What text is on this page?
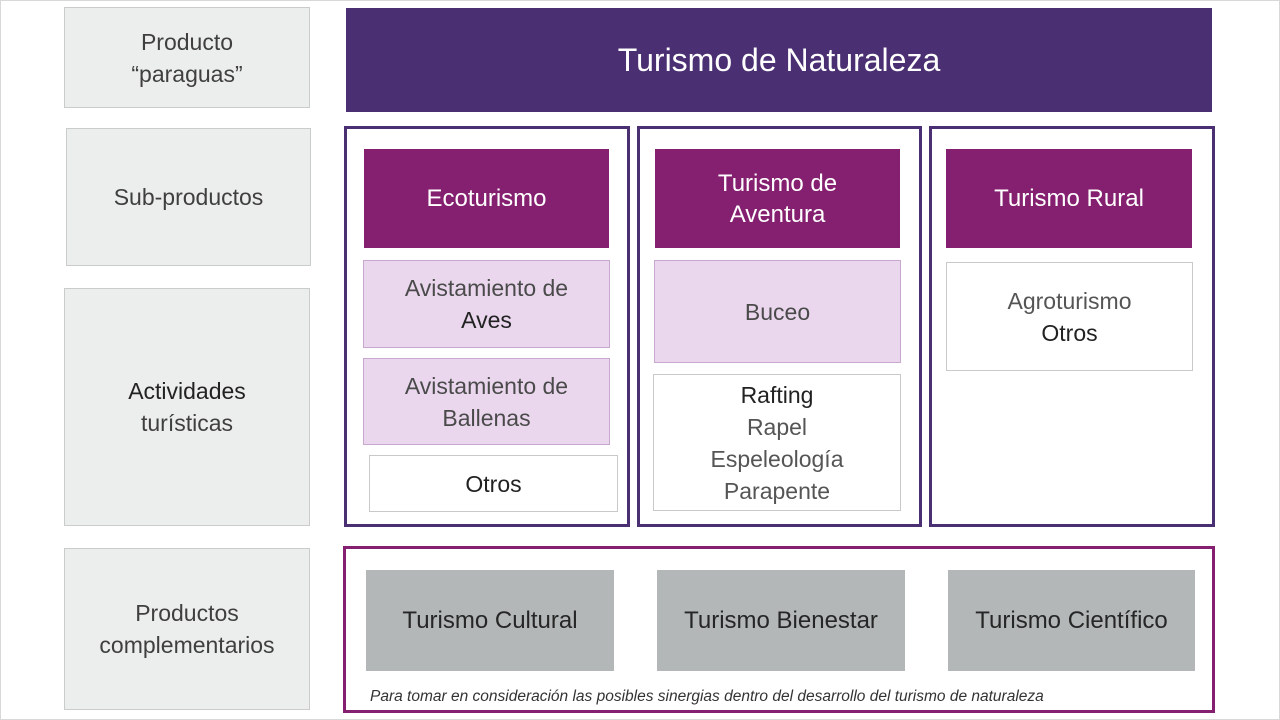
Producto
“paraguas”
Sub-productos
Actividades
turísticas
Productos
complementarios
Turismo de Naturaleza
Ecoturismo
Avistamiento de
Aves
Avistamiento de
Ballenas
Otros
Turismo de
Aventura
Buceo
Rafting
Rapel
Espeleología
Parapente
Turismo Rural
Agroturismo
Otros
Turismo Cultural	Turismo Bienestar	Turismo Científico
Para tomar en consideración las posibles sinergias dentro del desarrollo del turismo de naturaleza
